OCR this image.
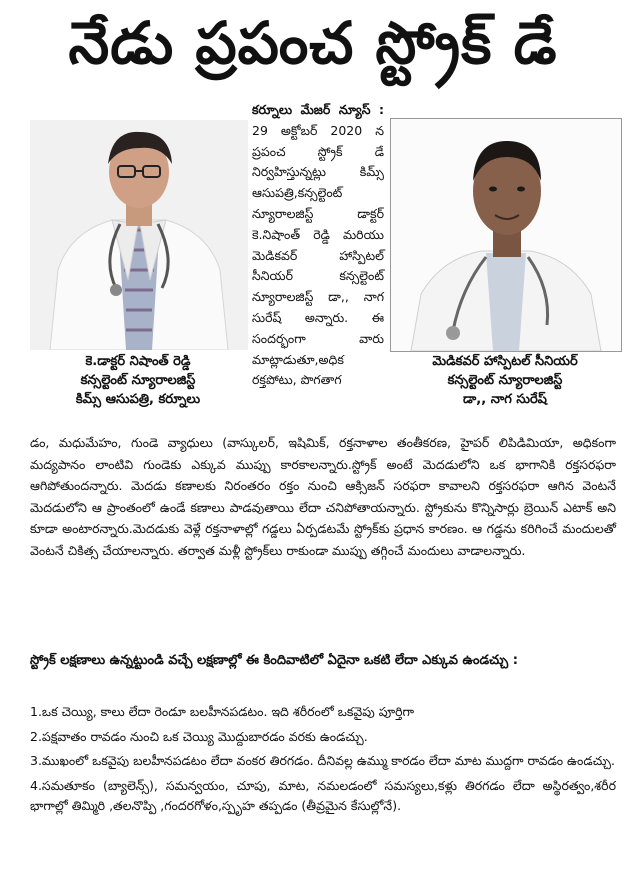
నేడు ప్రపంచ స్ట్రోక్ డే
కె.డాక్టర్ నిషాంత్ రెడ్డి
కన్సల్టెంట్ న్యూరాలజిస్ట్
కిమ్స్ ఆసుపత్రి, కర్నూలు
మెడికవర్ హాస్పిటల్ సీనియర్
కన్సల్టెంట్ న్యూరాలజిస్ట్
డా,, నాగ సురేష్
కర్నూలు మేజర్ న్యూస్ : 29 అక్టోబర్ 2020 న ప్రపంచ స్ట్రోక్ డే నిర్వహిస్తున్నట్లు కిమ్స్ ఆసుపత్రి,కన్సల్టెంట్ న్యూరాలజిస్ట్ డాక్టర్ కె.నిషాంత్ రెడ్డి మరియు మెడికవర్ హాస్పిటల్ సీనియర్ కన్సల్టెంట్ న్యూరాలజిస్ట్ డా,, నాగ సురేష్ అన్నారు. ఈ సందర్భంగా వారు మాట్లాడుతూ,అధిక రక్తపోటు, పొగతాగ
డం, మధుమేహం, గుండె వ్యాధులు (వాస్కులర్, ఇషిమిక్, రక్తనాళాల తంతీకరణ, హైపర్ లిపిడిమియా, అధికంగా మద్యపానం లాంటివి గుండెకు ఎక్కువ ముప్పు కారకాలన్నారు.స్ట్రోక్ అంటే మెదడులోని ఒక భాగానికి రక్తసరఫరా ఆగిపోతుందన్నారు. మెదడు కణాలకు నిరంతరం రక్తం నుంచి ఆక్సిజన్ సరఫరా కావాలని రక్తసరఫరా ఆగిన వెంటనే మెదడులోని ఆ ప్రాంతంలో ఉండే కణాలు పాడవుతాయి లేదా చనిపోతాయన్నారు. స్ట్రోకును కొన్నిసార్లు బ్రెయిన్ ఎటాక్ అని కూడా అంటారన్నారు.మెదడుకు వెళ్లే రక్తనాళాల్లో గడ్డలు ఏర్పడటమే స్ట్రోక్‌కు ప్రధాన కారణం. ఆ గడ్డను కరిగించే మందులతో వెంటనే చికిత్స చేయాలన్నారు. తర్వాత మళ్లీ స్ట్రోక్‌లు రాకుండా ముప్పు తగ్గించే మందులు వాడాలన్నారు.
స్ట్రోక్ లక్షణాలు ఉన్నట్టుండి వచ్చే లక్షణాల్లో ఈ కిందివాటిలో ఏదైనా ఒకటి లేదా ఎక్కువ ఉండచ్చు :
1.ఒక చెయ్యి, కాలు లేదా రెండూ బలహీనపడటం. ఇది శరీరంలో ఒకవైపు పూర్తిగా
2.పక్షవాతం రావడం నుంచి ఒక చెయ్యి మొద్దుబారడం వరకు ఉండచ్చు.
3.ముఖంలో ఒకవైపు బలహీనపడటం లేదా వంకర తిరగడం. దీనివల్ల ఉమ్ము కారడం లేదా మాట ముద్దగా రావడం ఉండచ్చు.
4.సమతూకం (బ్యాలెన్స్), సమన్వయం, చూపు, మాట, నమలడంలో సమస్యలు,కళ్లు తిరగడం లేదా అస్థిరత్వం,శరీర భాగాల్లో తిమ్మిరి ,తలనొప్పి ,గందరగోళం,స్పృహ తప్పడం (తీవ్రమైన కేసుల్లోనే).
